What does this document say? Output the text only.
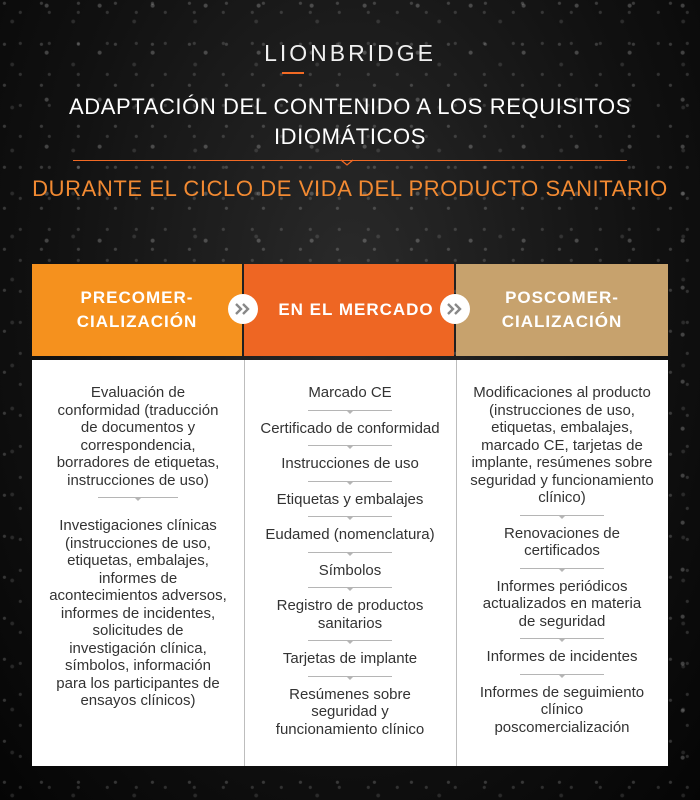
LIONBRIDGE
ADAPTACIÓN DEL CONTENIDO A LOS REQUISITOS IDIOMÁTICOS
DURANTE EL CICLO DE VIDA DEL PRODUCTO SANITARIO
PRECOMER-
CIALIZACIÓN
EN EL MERCADO
POSCOMER-
CIALIZACIÓN
Evaluación de conformidad (traducción de documentos y correspondencia, borradores de etiquetas, instrucciones de uso)
Investigaciones clínicas (instrucciones de uso, etiquetas, embalajes, informes de acontecimientos adversos, informes de incidentes, solicitudes de investigación clínica, símbolos, información para los participantes de ensayos clínicos)
Marcado CE
Certificado de conformidad
Instrucciones de uso
Etiquetas y embalajes
Eudamed (nomenclatura)
Símbolos
Registro de productos sanitarios
Tarjetas de implante
Resúmenes sobre seguridad y funcionamiento clínico
Modificaciones al producto (instrucciones de uso, etiquetas, embalajes, marcado CE, tarjetas de implante, resúmenes sobre seguridad y funcionamiento clínico)
Renovaciones de certificados
Informes periódicos actualizados en materia de seguridad
Informes de incidentes
Informes de seguimiento clínico poscomercialización
